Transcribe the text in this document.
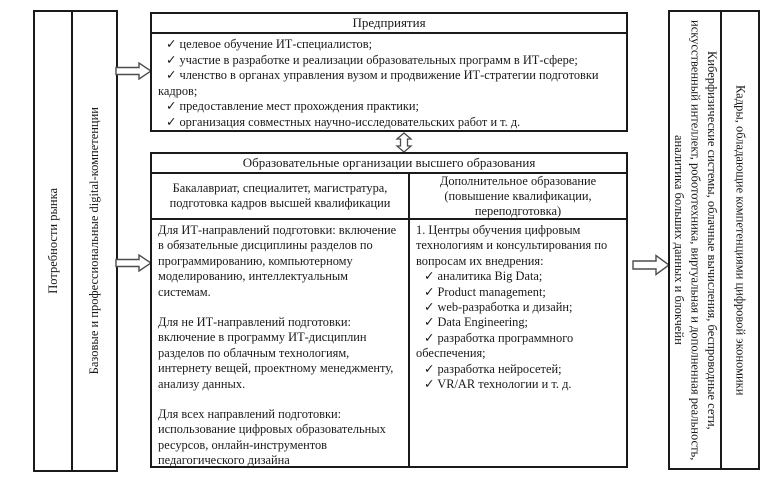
Потребности рынка Базовые и профессиональные digital-компетенции
Предприятия
✓ целевое обучение ИТ-специалистов;
✓ участие в разработке и реализации образовательных программ в ИТ-сфере;
✓ членство в органах управления вузом и продвижение ИТ-стратегии подготовки кадров;
✓ предоставление мест прохождения практики;
✓ организация совместных научно-исследовательских работ и т. д.
Образовательные организации высшего образования
Бакалавриат, специалитет, магистратура, подготовка кадров высшей квалификации
Дополнительное образование (повышение квалификации, переподготовка)

Для ИТ-направлений подготовки: включение в обязательные дисциплины разделов по программированию, компьютерному моделированию, интеллектуальным системам.

Для не ИТ-направлений подготовки: включение в программу ИТ-дисциплин разделов по облачным технологиям, интернету вещей, проектному менеджменту, анализу данных.

Для всех направлений подготовки: использование цифровых образовательных ресурсов, онлайн-инструментов педагогического дизайна

1. Центры обучения цифровым технологиям и консультирования по вопросам их внедрения:
✓ аналитика Big Data;
✓ Product management;
✓ web-разработка и дизайн;
✓ Data Engineering;
✓ разработка программного обеспечения;
✓ разработка нейросетей;
✓ VR/AR технологии и т. д.	Киберфизические системы, облачные вычисления, беспроводные сети, искусственный интеллект, робототехника, виртуальная и дополненная реальность, аналитика больших данных и блокчейн	Кадры, обладающие компетенциями цифровой экономики
